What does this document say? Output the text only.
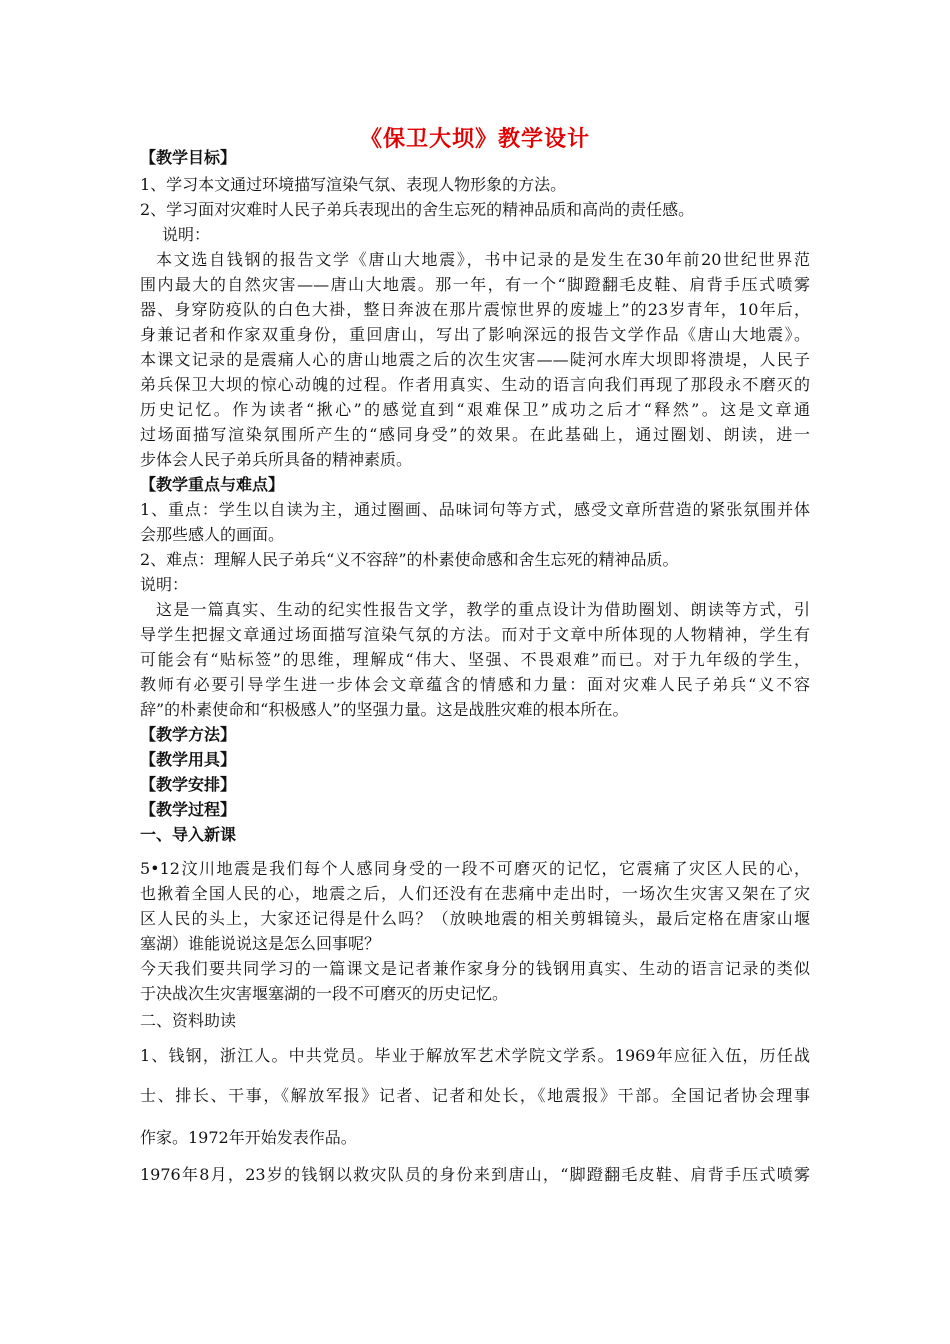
《保卫大坝》教学设计
【教学目标】
1、学习本文通过环境描写渲染气氛、表现人物形象的方法。
2、学习面对灾难时人民子弟兵表现出的舍生忘死的精神品质和高尚的责任感。
说明：
本文选自钱钢的报告文学《唐山大地震》，书中记录的是发生在30年前20世纪世界范
围内最大的自然灾害——唐山大地震。那一年，有一个“脚蹬翻毛皮鞋、肩背手压式喷雾
器、身穿防疫队的白色大褂，整日奔波在那片震惊世界的废墟上”的23岁青年，10年后，
身兼记者和作家双重身份，重回唐山，写出了影响深远的报告文学作品《唐山大地震》。
本课文记录的是震痛人心的唐山地震之后的次生灾害——陡河水库大坝即将溃堤，人民子
弟兵保卫大坝的惊心动魄的过程。作者用真实、生动的语言向我们再现了那段永不磨灭的
历史记忆。作为读者“揪心”的感觉直到“艰难保卫”成功之后才“释然”。这是文章通
过场面描写渲染氛围所产生的“感同身受”的效果。在此基础上，通过圈划、朗读，进一
步体会人民子弟兵所具备的精神素质。
【教学重点与难点】
1、重点：学生以自读为主，通过圈画、品味词句等方式，感受文章所营造的紧张氛围并体
会那些感人的画面。
2、难点：理解人民子弟兵“义不容辞”的朴素使命感和舍生忘死的精神品质。
说明：
这是一篇真实、生动的纪实性报告文学，教学的重点设计为借助圈划、朗读等方式，引
导学生把握文章通过场面描写渲染气氛的方法。而对于文章中所体现的人物精神，学生有
可能会有“贴标签”的思维，理解成“伟大、坚强、不畏艰难”而已。对于九年级的学生，
教师有必要引导学生进一步体会文章蕴含的情感和力量：面对灾难人民子弟兵“义不容
辞”的朴素使命和“积极感人”的坚强力量。这是战胜灾难的根本所在。
【教学方法】
【教学用具】
【教学安排】
【教学过程】
一、导入新课
5•12汶川地震是我们每个人感同身受的一段不可磨灭的记忆，它震痛了灾区人民的心，
也揪着全国人民的心，地震之后，人们还没有在悲痛中走出时，一场次生灾害又架在了灾
区人民的头上，大家还记得是什么吗？（放映地震的相关剪辑镜头，最后定格在唐家山堰
塞湖）谁能说说这是怎么回事呢？
今天我们要共同学习的一篇课文是记者兼作家身分的钱钢用真实、生动的语言记录的类似
于决战次生灾害堰塞湖的一段不可磨灭的历史记忆。
二、资料助读
1、钱钢，浙江人。中共党员。毕业于解放军艺术学院文学系。1969年应征入伍，历任战
士、排长、干事，《解放军报》记者、记者和处长，《地震报》干部。全国记者协会理事
作家。1972年开始发表作品。
1976年8月，23岁的钱钢以救灾队员的身份来到唐山，“脚蹬翻毛皮鞋、肩背手压式喷雾
